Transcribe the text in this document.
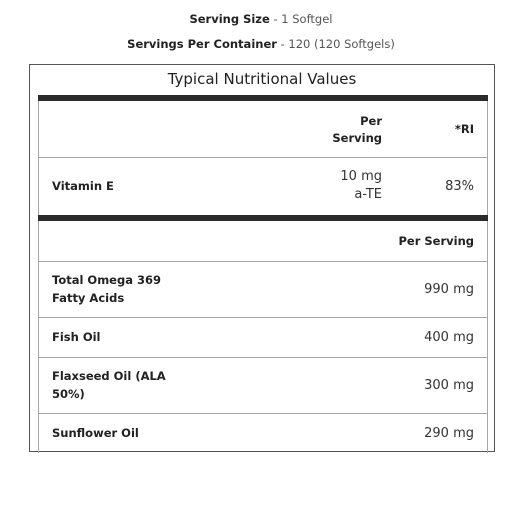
Serving Size - 1 Softgel
Servings Per Container - 120 (120 Softgels)
Typical Nutritional Values
Per
Serving
*RI
Vitamin E
10 mg
a-TE
83%
Per Serving
Total Omega 369
Fatty Acids
990 mg
Fish Oil	400 mg
Flaxseed Oil (ALA
50%)
300 mg
Sunflower Oil	290 mg
